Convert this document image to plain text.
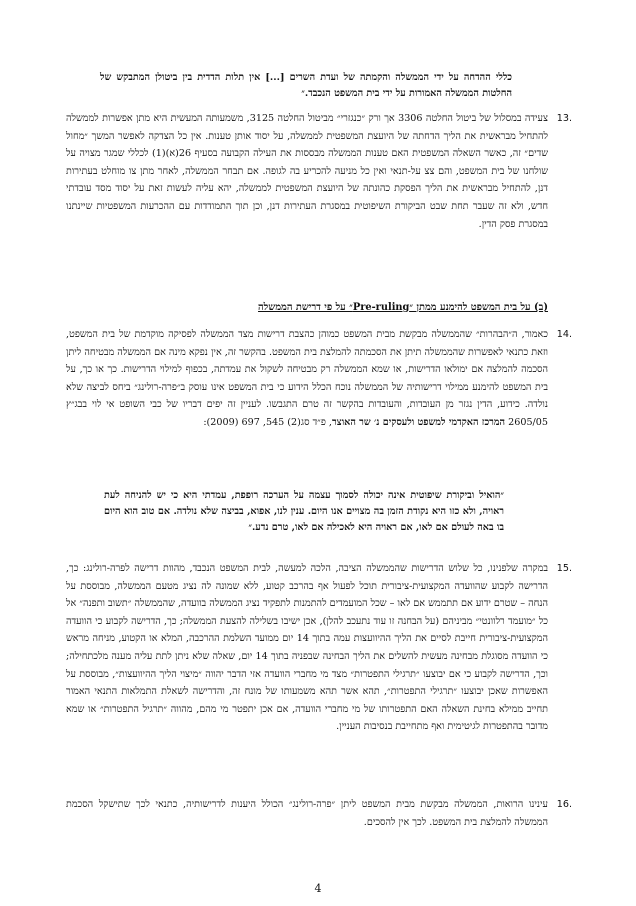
כללי ההדחה על ידי הממשלה והקמתה של ועדת השרים [...] אין תלות הדדית בין ביטולן המתבקש של החלטות הממשלה האמורות על ידי בית המשפט הנכבד.״
13.
צעידה במסלול של ביטול החלטה 3306 אך ורק ״כנגזרי״ מביטול החלטה 3125, משמעותה המעשית היא מתן אפשרות לממשלה להתחיל מבראשית את הליך הדחתה של היועצת המשפטית לממשלה, על יסוד אותן טענות. אין כל הצדקה לאפשר המשך ״מחול שדים״ זה, כאשר השאלה המשפטית האם טענות הממשלה מבססות את העילה הקבועה בסעיף 26(א)(1) לכללי שמגר מצויה על שולחנו של בית המשפט, והם צצ על-תנאי ואין כל מניעה להכריע בה לגופה. אם תבחר הממשלה, לאחר מתן צו מוחלט בעתירות דנן, להתחיל מבראשית את הליך הפסקת כהונתה של היועצת המשפטית לממשלה, יהא עליה לעשות זאת על יסוד מסד עובדתי חדש, ולא זה שעבר תחת שבט הביקורת השיפוטית במסגרת העתירות דנן, וכן תוך התמודדות עם ההכרעות המשפטיות שיינתנו במסגרת פסק הדין.
(ב) על בית המשפט להימנע ממתן ״Pre-ruling״ על פי דרישת הממשלה
14.
כאמור, ה״הבהרות״ שהממשלה מבקשת מבית המשפט כמוהן כהצבת דרישות מצד הממשלה לפסיקה מוקדמת של בית המשפט, וזאת כתנאי לאפשרות שהממשלה תיתן את הסכמתה להמלצת בית המשפט. בהקשר זה, אין נפקא מינה אם הממשלה מבטיחה ליתן הסכמה להמלצה אם ימולאו הדרישות, או שמא הממשלה רק מבטיחה לשקול את עמדתה, בכפוף למילוי הדרישות. כך או כך, על בית המשפט להימנע ממילוי דרישותיה של הממשלה נוכח הכלל הידוע כי בית המשפט אינו עוסק ב״פרה-רולינג״ ביחס לביצה שלא נולדה. כידוע, הדין נגזר מן העובדות, והעובדות בהקשר זה טרם התגבשו. לעניין זה יפים דבריו של כבי השופט אי לוי בבג״ץ 2605/05 המרכז האקדמי למשפט ולעסקים נ׳ שר האוצר, פ״ד סג(2) 545, 697 (2009):
״הואיל וביקורת שיפוטית אינה יכולה לסמוך עצמה על הערכה רופפת, עמדתי היא כי יש להניחה לעת ראויה, ולא כזו היא נקודת הזמן בה מצויים אנו היום. ענין לנו, אפוא, בביצה שלא נולדה. אם טוב הוא היום בו באה לעולם אם לאו, אם ראויה היא לאכילה אם לאו, טרם נדע.״
15.
במקרה שלפנינו, כל שלוש הדרישות שהממשלה הציבה, הלכה למעשה, לבית המשפט הנכבד, מהוות דרישה לפרה-רולינג: כך, הדרישה לקבוע שהוועדה המקצועית-ציבורית תוכל לפעול אף בהרכב קטוע, ללא שמונה לה נציג מטעם הממשלה, מבוססת על הנחה – שטרם ידוע אם תתממש אם לאו – שכל המועמדים להתמנות לתפקיד נציג הממשלה בוועדה, שהממשלה ״תשוב ותפנה״ אל כל ״מועמד רלוונטי״ מביניהם (על הבחנה זו עוד נתעכב להלן), אכן ישיבו בשלילה להצעת הממשלה; כך, הדרישה לקבוע כי הוועדה המקצועית-ציבורית חייבת לסיים את הליך ההיוועצות עמה בתוך 14 יום ממועד השלמת ההרכבה, המלא או הקטוע, מניחה מראש כי הוועדה מסוגלת מבחינה מעשית להשלים את הליך הבחינה שבפניה בתוך 14 יום, שאלה שלא ניתן לתת עליה מענה מלכתחילה; וכך, הדרישה לקבוע כי אם יבוצעו ״תרגילי התפטרות״ מצד מי מחברי הוועדה אזי הדבר יהווה ״מיצוי הליך ההיוועצות״, מבוססת על האפשרות שאכן יבוצעו ״תרגילי התפטרות״, תהא אשר תהא משמעותו של מונח זה, והדרישה לשאלת התמלאות התנאי האמור תחייב ממילא בחינת השאלה האם התפטרותו של מי מחברי הוועדה, אם אכן יתפטר מי מהם, מהווה ״תרגיל התפטרות״ או שמא מדובר בהתפטרות לגיטימית ואף מתחייבת בנסיבות העניין.
16.
עינינו הרואות, הממשלה מבקשת מבית המשפט ליתן ״פרה-רולינג״ הכולל היענות לדרישותיה, כתנאי לכך שתישקל הסכמת הממשלה להמלצת בית המשפט. לכך אין להסכים.
4
